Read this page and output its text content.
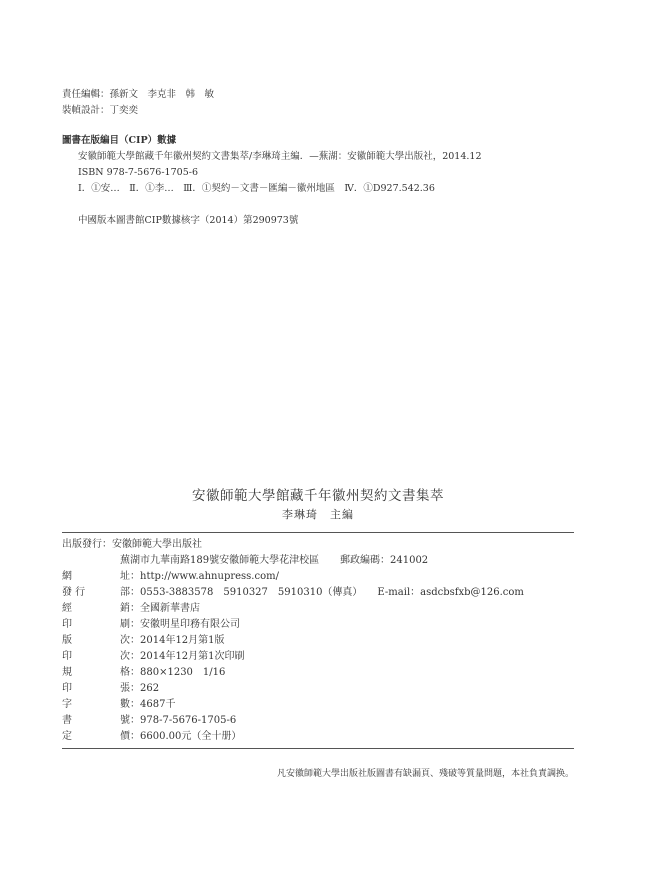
責任編輯：孫新文　李克非　韩　敏
裝幀設計：丁奕奕
圖書在版編目（CIP）數據
安徽師範大學館藏千年徽州契約文書集萃/李琳琦主編．—蕪湖：安徽師範大學出版社，2014.12
ISBN 978-7-5676-1705-6
Ⅰ．①安…　Ⅱ．①李…　Ⅲ．①契約－文書－匯編－徽州地區　Ⅳ．①D927.542.36
中國版本圖書館CIP數據核字（2014）第290973號
安徽師範大學館藏千年徽州契約文書集萃
李琳琦　主編
出版發行：安徽師範大學出版社
蕪湖市九華南路189號安徽師範大學花津校區 郵政編碼：241002
網	址：http://www.ahnupress.com/
發 行	部：0553-3883578　5910327　5910310（傳真）　　E-mail：asdcbsfxb@126.com
經	銷：全國新華書店
印	刷：安徽明星印務有限公司
版	次：2014年12月第1版
印	次：2014年12月第1次印刷
規	格：880×1230　1/16
印	張：262
字	數：4687千
書	號：978-7-5676-1705-6
定	價：6600.00元（全十册）
凡安徽師範大學出版社版圖書有缺漏頁、殘破等質量問題，本社負責調换。
